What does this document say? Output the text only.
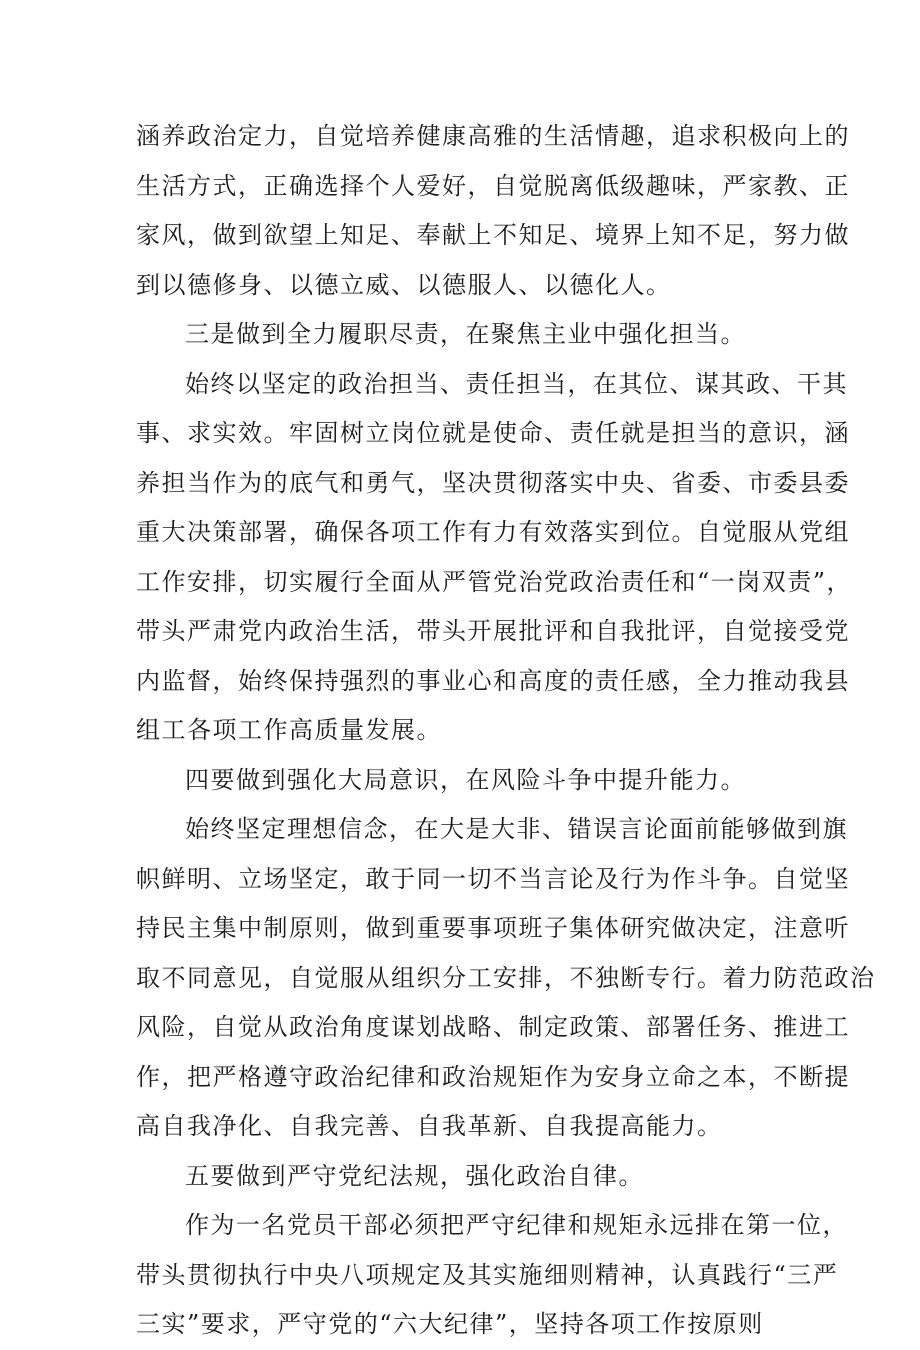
涵养政治定力，自觉培养健康高雅的生活情趣，追求积极向上的
生活方式，正确选择个人爱好，自觉脱离低级趣味，严家教、正
家风，做到欲望上知足、奉献上不知足、境界上知不足，努力做
到以德修身、以德立威、以德服人、以德化人。
三是做到全力履职尽责，在聚焦主业中强化担当。
始终以坚定的政治担当、责任担当，在其位、谋其政、干其
事、求实效。牢固树立岗位就是使命、责任就是担当的意识，涵
养担当作为的底气和勇气，坚决贯彻落实中央、省委、市委县委
重大决策部署，确保各项工作有力有效落实到位。自觉服从党组
工作安排，切实履行全面从严管党治党政治责任和“一岗双责”，
带头严肃党内政治生活，带头开展批评和自我批评，自觉接受党
内监督，始终保持强烈的事业心和高度的责任感，全力推动我县
组工各项工作高质量发展。
四要做到强化大局意识，在风险斗争中提升能力。
始终坚定理想信念，在大是大非、错误言论面前能够做到旗
帜鲜明、立场坚定，敢于同一切不当言论及行为作斗争。自觉坚
持民主集中制原则，做到重要事项班子集体研究做决定，注意听
取不同意见，自觉服从组织分工安排，不独断专行。着力防范政治
风险，自觉从政治角度谋划战略、制定政策、部署任务、推进工
作，把严格遵守政治纪律和政治规矩作为安身立命之本，不断提
高自我净化、自我完善、自我革新、自我提高能力。
五要做到严守党纪法规，强化政治自律。
作为一名党员干部必须把严守纪律和规矩永远排在第一位，
带头贯彻执行中央八项规定及其实施细则精神，认真践行“三严
三实”要求，严守党的“六大纪律”，坚持各项工作按原则
